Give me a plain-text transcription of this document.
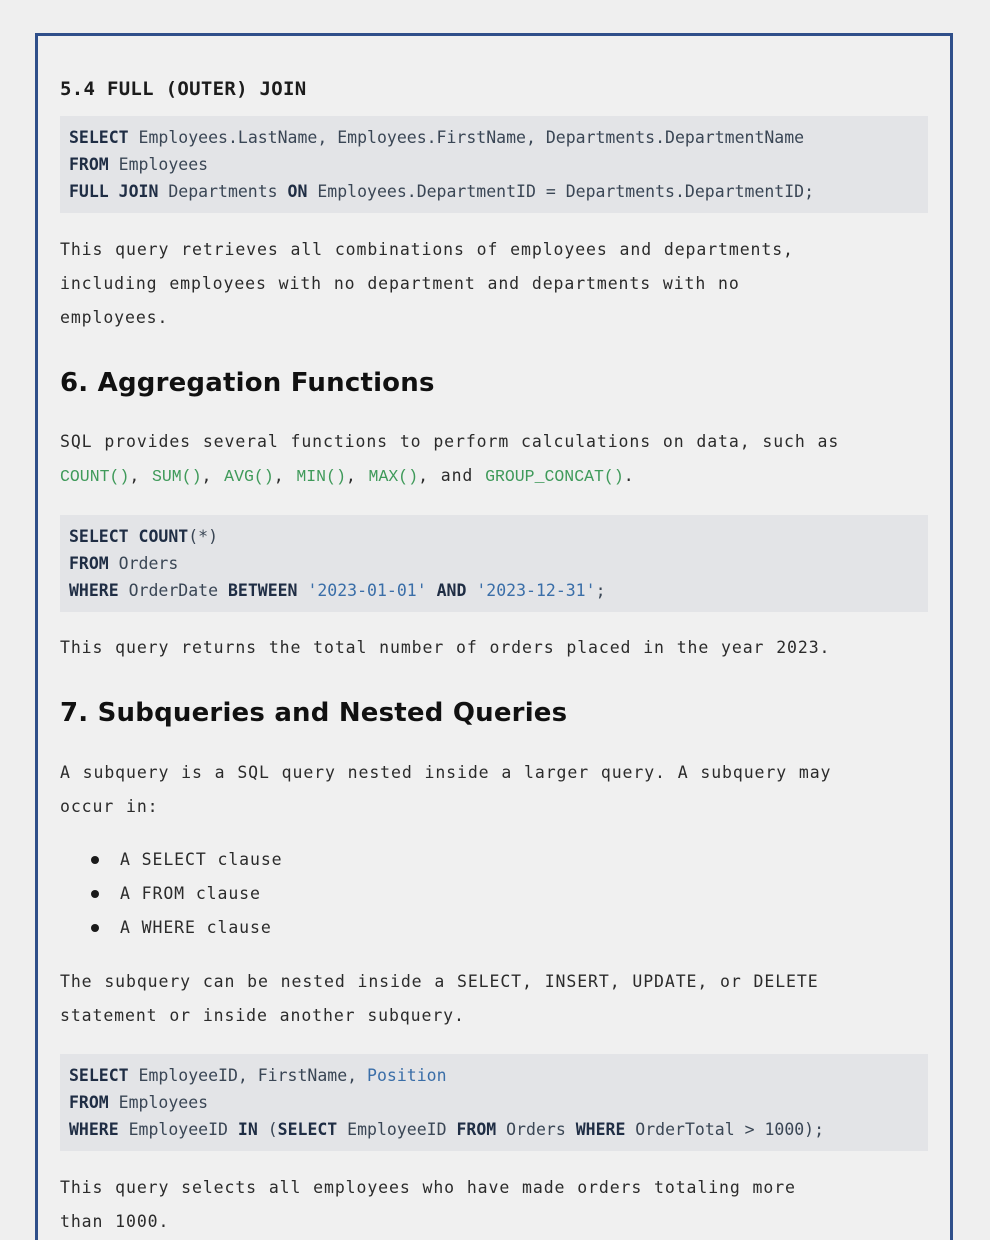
5.4 FULL (OUTER) JOIN
SELECT Employees.LastName, Employees.FirstName, Departments.DepartmentName
FROM Employees
FULL JOIN Departments ON Employees.DepartmentID = Departments.DepartmentID;
This query retrieves all combinations of employees and departments,
including employees with no department and departments with no
employees.
6. Aggregation Functions
SQL provides several functions to perform calculations on data, such as
COUNT(), SUM(), AVG(), MIN(), MAX(), and GROUP_CONCAT().
SELECT COUNT(*)
FROM Orders
WHERE OrderDate BETWEEN '2023-01-01' AND '2023-12-31';
This query returns the total number of orders placed in the year 2023.
7. Subqueries and Nested Queries
A subquery is a SQL query nested inside a larger query. A subquery may
occur in:
A SELECT clause
A FROM clause
A WHERE clause
The subquery can be nested inside a SELECT, INSERT, UPDATE, or DELETE
statement or inside another subquery.
SELECT EmployeeID, FirstName, Position
FROM Employees
WHERE EmployeeID IN (SELECT EmployeeID FROM Orders WHERE OrderTotal > 1000);
This query selects all employees who have made orders totaling more
than 1000.
